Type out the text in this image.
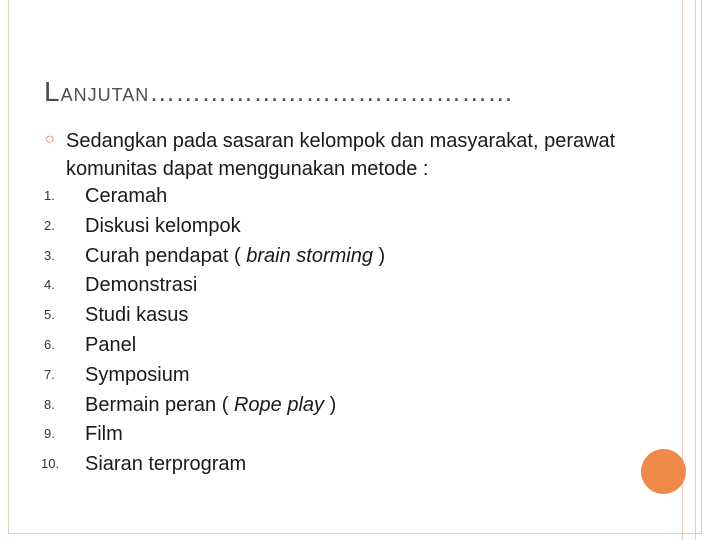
LANJUTAN……………………………………
○ Sedangkan pada sasaran kelompok dan masyarakat, perawat komunitas dapat menggunakan metode :
1.	Ceramah
2.	Diskusi kelompok
3.	Curah pendapat ( brain storming )
4.	Demonstrasi
5.	Studi kasus
6.	Panel
7.	Symposium
8.	Bermain peran ( Rope play )
9.	Film
10.	Siaran terprogram
